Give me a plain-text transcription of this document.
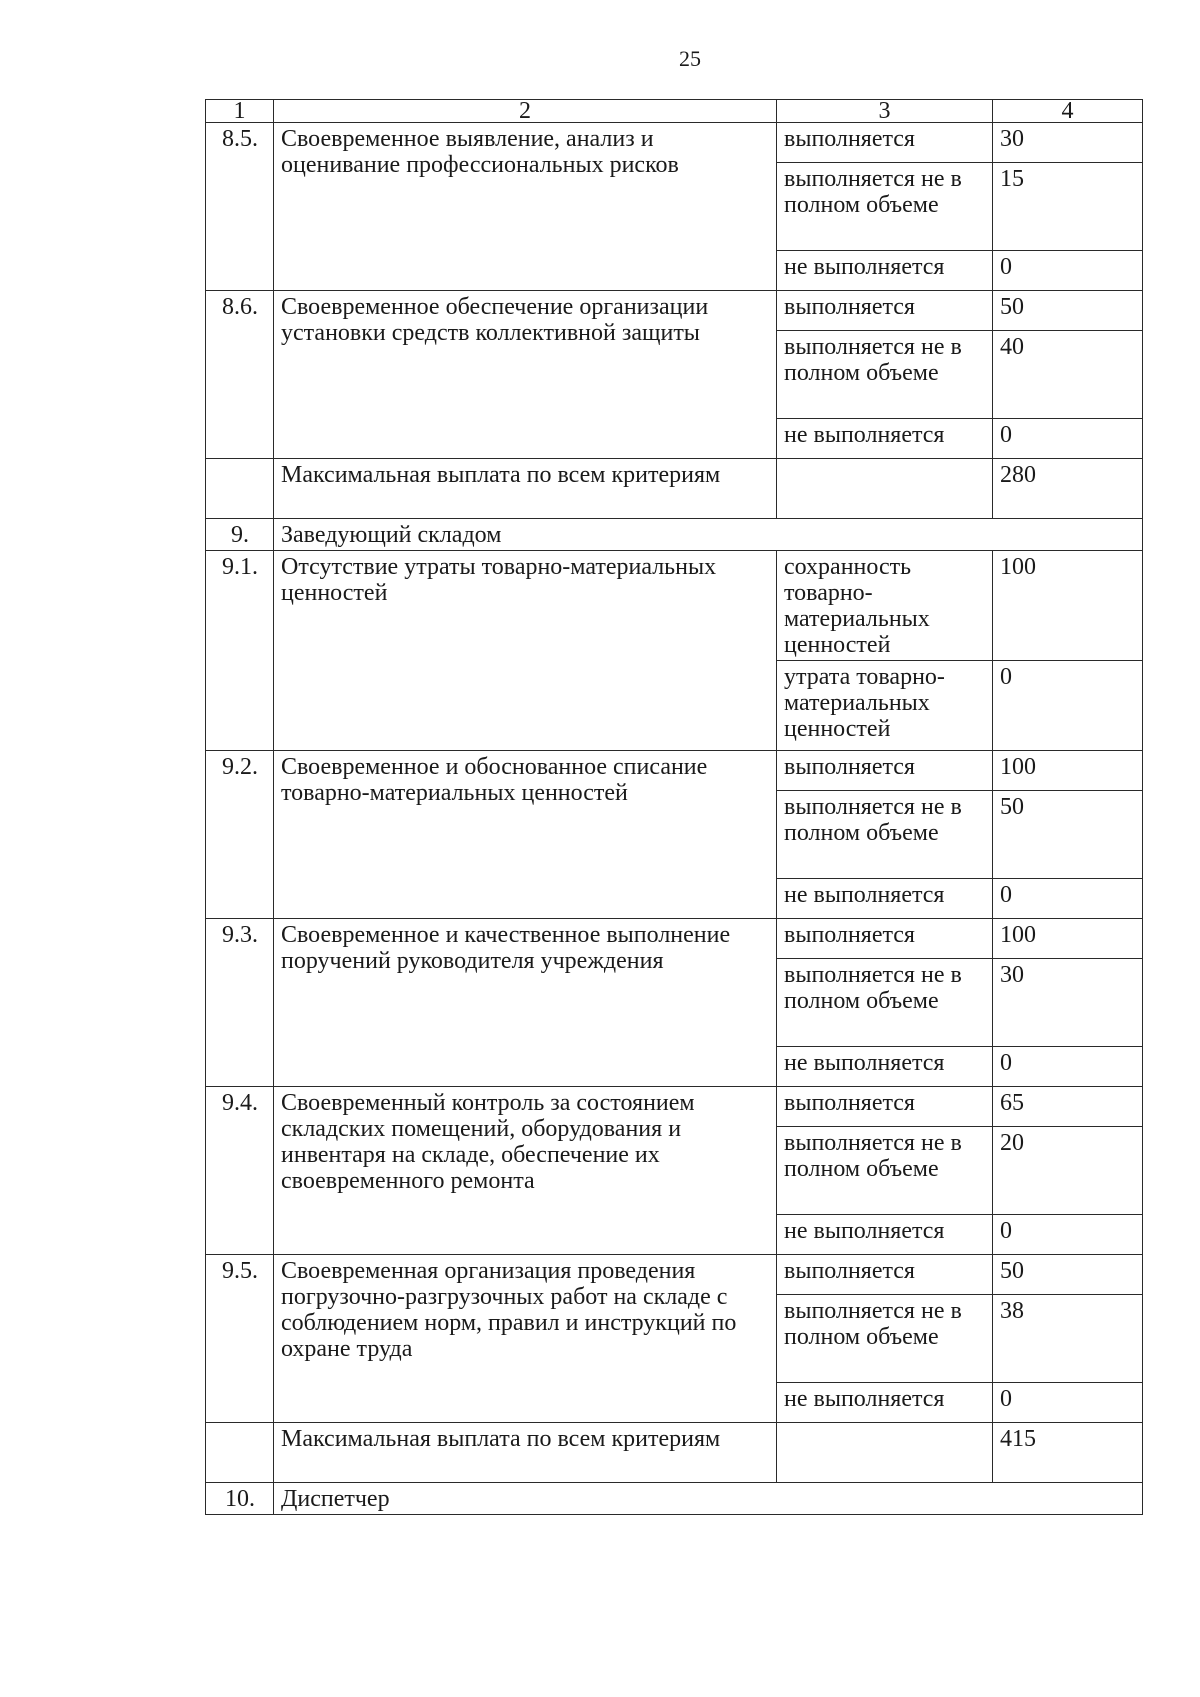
25
1	2	3	4
8.5.	Своевременное выявление, анализ и оценивание профессиональных рисков	выполняется	30
		выполняется не в полном объеме	15
		не выполняется	0
8.6.	Своевременное обеспечение организации установки средств коллективной защиты	выполняется	50
		выполняется не в полном объеме	40
		не выполняется	0
	Максимальная выплата по всем критериям		280
9.	Заведующий складом		
9.1.	Отсутствие утраты товарно-материальных ценностей	сохранность товарно-материальных ценностей	100
		утрата товарно-материальных ценностей	0
9.2.	Своевременное и обоснованное списание товарно-материальных ценностей	выполняется	100
		выполняется не в полном объеме	50
		не выполняется	0
9.3.	Своевременное и качественное выполнение поручений руководителя учреждения	выполняется	100
		выполняется не в полном объеме	30
		не выполняется	0
9.4.	Своевременный контроль за состоянием складских помещений, оборудования и инвентаря на складе, обеспечение их своевременного ремонта	выполняется	65
		выполняется не в полном объеме	20
		не выполняется	0
9.5.	Своевременная организация проведения погрузочно-разгрузочных работ на складе с соблюдением норм, правил и инструкций по охране труда	выполняется	50
		выполняется не в полном объеме	38
		не выполняется	0
	Максимальная выплата по всем критериям		415
10.	Диспетчер		
